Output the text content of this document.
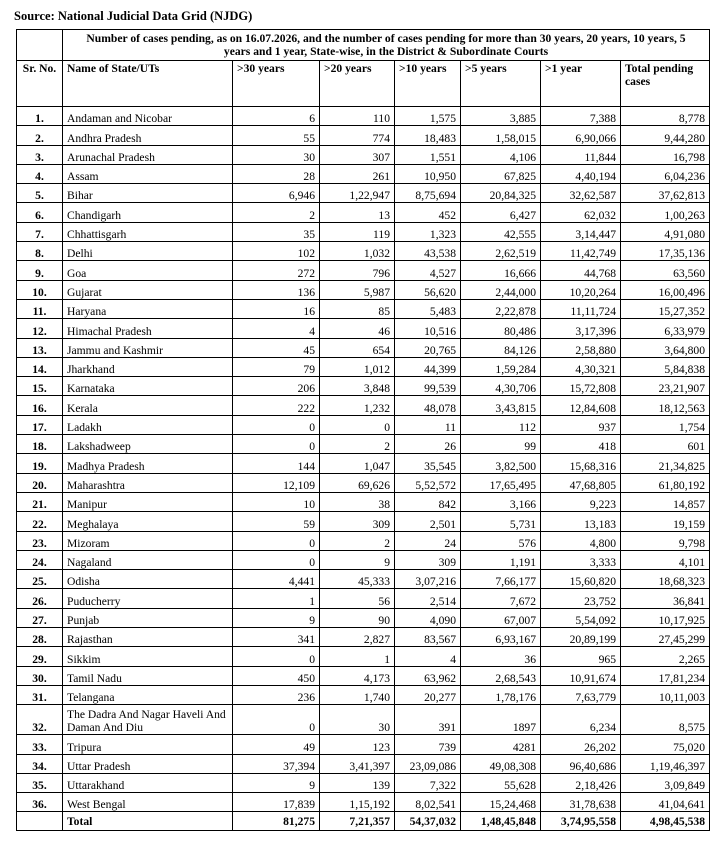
Source: National Judicial Data Grid (NJDG)
	Number of cases pending, as on 16.07.2026, and the number of cases pending for more than 30 years, 20 years, 10 years, 5 years and 1 year, State-wise, in the District & Subordinate Courts						
Sr. No.	Name of State/UTs	>30 years	>20 years	>10 years	>5 years	>1 year	Total pending cases
1.	Andaman and Nicobar	6	110	1,575	3,885	7,388	8,778
2.	Andhra Pradesh	55	774	18,483	1,58,015	6,90,066	9,44,280
3.	Arunachal Pradesh	30	307	1,551	4,106	11,844	16,798
4.	Assam	28	261	10,950	67,825	4,40,194	6,04,236
5.	Bihar	6,946	1,22,947	8,75,694	20,84,325	32,62,587	37,62,813
6.	Chandigarh	2	13	452	6,427	62,032	1,00,263
7.	Chhattisgarh	35	119	1,323	42,555	3,14,447	4,91,080
8.	Delhi	102	1,032	43,538	2,62,519	11,42,749	17,35,136
9.	Goa	272	796	4,527	16,666	44,768	63,560
10.	Gujarat	136	5,987	56,620	2,44,000	10,20,264	16,00,496
11.	Haryana	16	85	5,483	2,22,878	11,11,724	15,27,352
12.	Himachal Pradesh	4	46	10,516	80,486	3,17,396	6,33,979
13.	Jammu and Kashmir	45	654	20,765	84,126	2,58,880	3,64,800
14.	Jharkhand	79	1,012	44,399	1,59,284	4,30,321	5,84,838
15.	Karnataka	206	3,848	99,539	4,30,706	15,72,808	23,21,907
16.	Kerala	222	1,232	48,078	3,43,815	12,84,608	18,12,563
17.	Ladakh	0	0	11	112	937	1,754
18.	Lakshadweep	0	2	26	99	418	601
19.	Madhya Pradesh	144	1,047	35,545	3,82,500	15,68,316	21,34,825
20.	Maharashtra	12,109	69,626	5,52,572	17,65,495	47,68,805	61,80,192
21.	Manipur	10	38	842	3,166	9,223	14,857
22.	Meghalaya	59	309	2,501	5,731	13,183	19,159
23.	Mizoram	0	2	24	576	4,800	9,798
24.	Nagaland	0	9	309	1,191	3,333	4,101
25.	Odisha	4,441	45,333	3,07,216	7,66,177	15,60,820	18,68,323
26.	Puducherry	1	56	2,514	7,672	23,752	36,841
27.	Punjab	9	90	4,090	67,007	5,54,092	10,17,925
28.	Rajasthan	341	2,827	83,567	6,93,167	20,89,199	27,45,299
29.	Sikkim	0	1	4	36	965	2,265
30.	Tamil Nadu	450	4,173	63,962	2,68,543	10,91,674	17,81,234
31.	Telangana	236	1,740	20,277	1,78,176	7,63,779	10,11,003
32.	The Dadra And Nagar Haveli And Daman And Diu	0	30	391	1897	6,234	8,575
33.	Tripura	49	123	739	4281	26,202	75,020
34.	Uttar Pradesh	37,394	3,41,397	23,09,086	49,08,308	96,40,686	1,19,46,397
35.	Uttarakhand	9	139	7,322	55,628	2,18,426	3,09,849
36.	West Bengal	17,839	1,15,192	8,02,541	15,24,468	31,78,638	41,04,641
	Total	81,275	7,21,357	54,37,032	1,48,45,848	3,74,95,558	4,98,45,538
